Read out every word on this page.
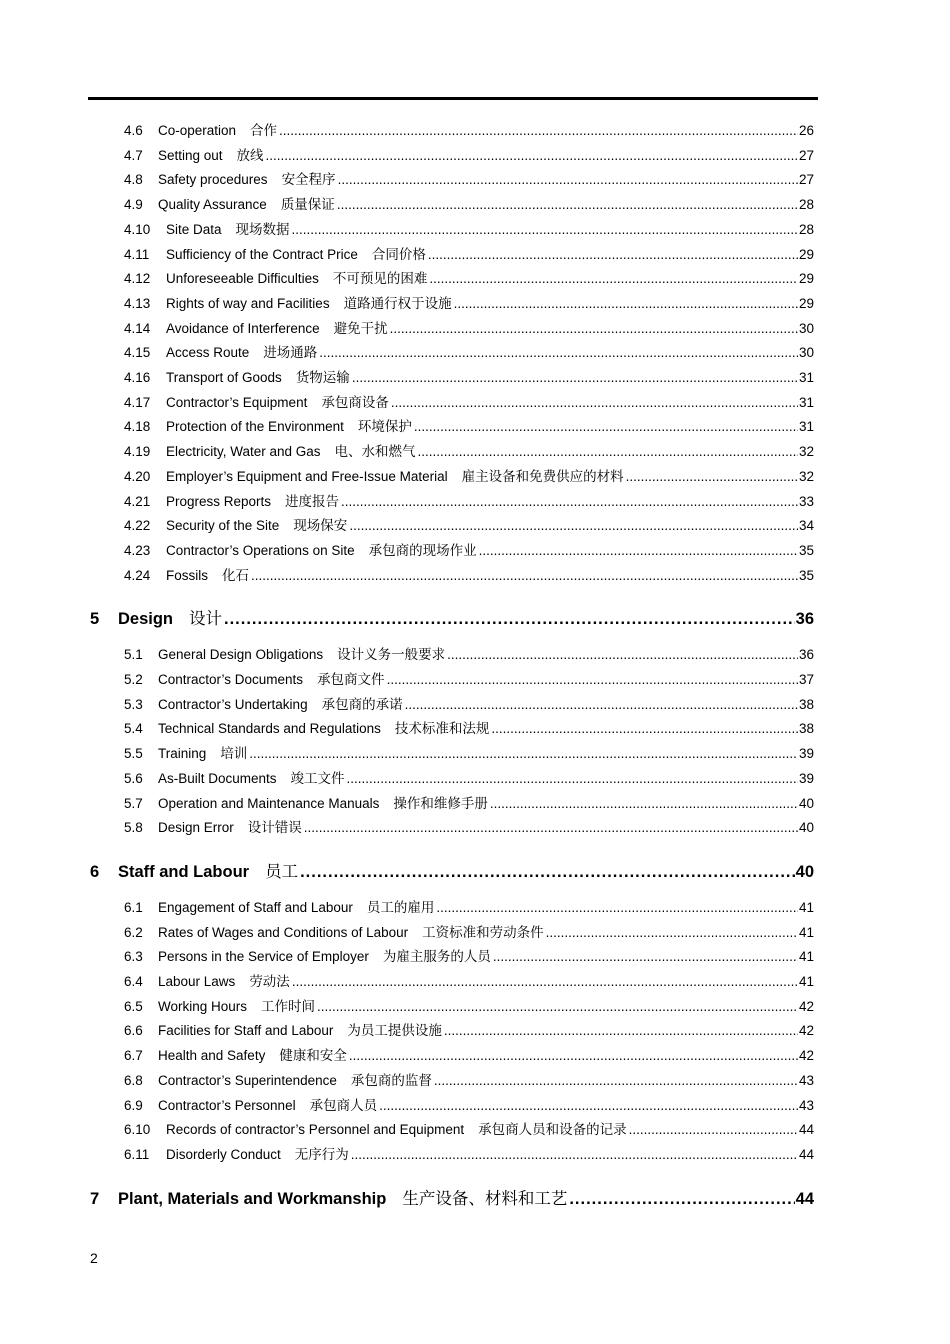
4.6	Co-operation 合作 .....	26
4.7	Setting out 放线 .....	27
4.8	Safety procedures 安全程序 .....	27
4.9	Quality Assurance 质量保证 .....	28
4.10	Site Data 现场数据 .....	28
4.11	Sufficiency of the Contract Price 合同价格 .....	29
4.12	Unforeseeable Difficulties 不可预见的困难 .....	29
4.13	Rights of way and Facilities 道路通行权于设施 .....	29
4.14	Avoidance of Interference 避免干扰 .....	30
4.15	Access Route 进场通路 .....	30
4.16	Transport of Goods 货物运输 .....	31
4.17	Contractor’s Equipment 承包商设备 .....	31
4.18	Protection of the Environment 环境保护 .....	31
4.19	Electricity, Water and Gas 电、水和燃气 .....	32
4.20	Employer’s Equipment and Free-Issue Material 雇主设备和免费供应的材料 .....	32
4.21	Progress Reports 进度报告 .....	33
4.22	Security of the Site 现场保安 .....	34
4.23	Contractor’s Operations on Site 承包商的现场作业 .....	35
4.24	Fossils 化石 .....	35
5	Design 设计 .....	36
5.1	General Design Obligations 设计义务一般要求 .....	36
5.2	Contractor’s Documents 承包商文件 .....	37
5.3	Contractor’s Undertaking 承包商的承诺 .....	38
5.4	Technical Standards and Regulations 技术标准和法规 .....	38
5.5	Training 培训 .....	39
5.6	As-Built Documents 竣工文件 .....	39
5.7	Operation and Maintenance Manuals 操作和维修手册 .....	40
5.8	Design Error 设计错误 .....	40
6	Staff and Labour 员工 .....	40
6.1	Engagement of Staff and Labour 员工的雇用 .....	41
6.2	Rates of Wages and Conditions of Labour 工资标准和劳动条件 .....	41
6.3	Persons in the Service of Employer 为雇主服务的人员 .....	41
6.4	Labour Laws 劳动法 .....	41
6.5	Working Hours 工作时间 .....	42
6.6	Facilities for Staff and Labour 为员工提供设施 .....	42
6.7	Health and Safety 健康和安全 .....	42
6.8	Contractor’s Superintendence 承包商的监督 .....	43
6.9	Contractor’s Personnel 承包商人员 .....	43
6.10	Records of contractor’s Personnel and Equipment 承包商人员和设备的记录 .....	44
6.11	Disorderly Conduct 无序行为 .....	44
7	Plant, Materials and Workmanship 生产设备、材料和工艺 .....	44
2
